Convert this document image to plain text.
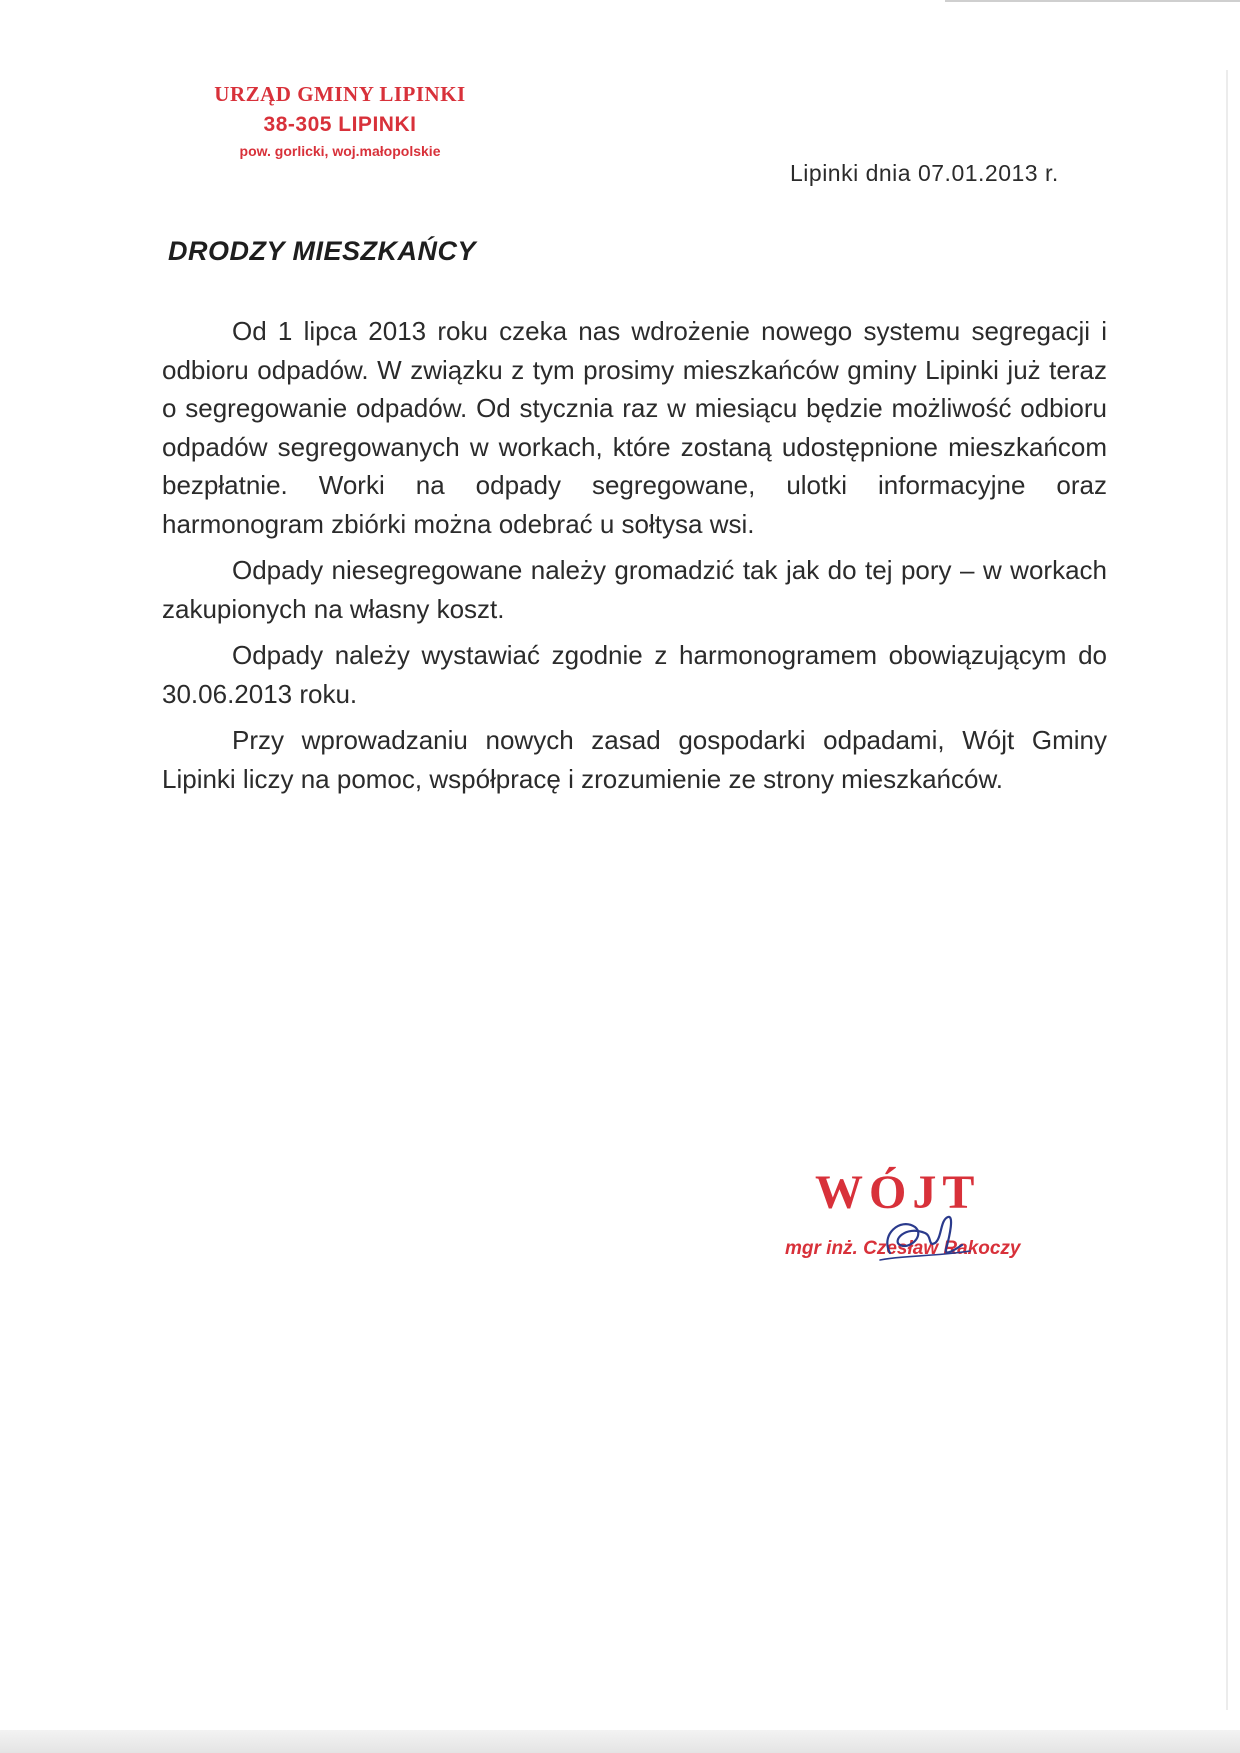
URZĄD GMINY LIPINKI
38-305 LIPINKI
pow. gorlicki, woj.małopolskie
Lipinki dnia 07.01.2013 r.
DRODZY MIESZKAŃCY

Od 1 lipca 2013 roku czeka nas wdrożenie nowego systemu segregacji i odbioru odpadów. W związku z tym prosimy mieszkańców gminy Lipinki już teraz o segregowanie odpadów. Od stycznia raz w miesiącu będzie możliwość odbioru odpadów segregowanych w workach, które zostaną udostępnione mieszkańcom bezpłatnie. Worki na odpady segregowane, ulotki informacyjne oraz harmonogram zbiórki można odebrać u sołtysa wsi.

Odpady niesegregowane należy gromadzić tak jak do tej pory – w workach zakupionych na własny koszt.

Odpady należy wystawiać zgodnie z harmonogramem obowiązującym do 30.06.2013 roku.

Przy wprowadzaniu nowych zasad gospodarki odpadami, Wójt Gminy Lipinki liczy na pomoc, współpracę i zrozumienie ze strony mieszkańców.

WÓJT
mgr inż. Czesław Rakoczy
